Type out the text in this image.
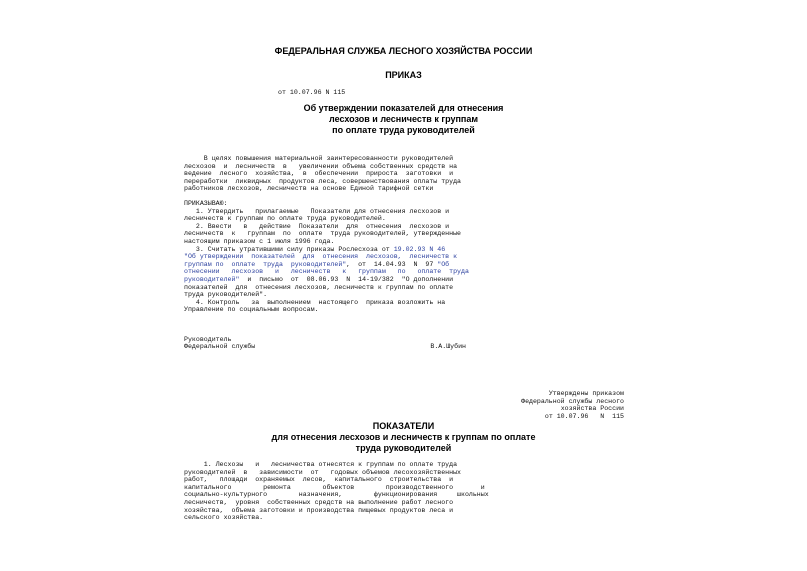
ФЕДЕРАЛЬНАЯ СЛУЖБА ЛЕСНОГО ХОЗЯЙСТВА РОССИИ
ПРИКАЗ
от 10.07.96 N 115
Об утверждении показателей для отнесения
лесхозов и лесничеств к группам
по оплате труда руководителей

В целях повышения материальной заинтересованности руководителей

лесхозов  и  лесничеств  в   увеличении объема собственных средств на

ведение  лесного  хозяйства,  в  обеспечении  прироста  заготовки  и

переработки  ликвидных  продуктов леса, совершенствования оплаты труда

работников лесхозов, лесничеств на основе Единой тарифной сетки

ПРИКАЗЫВАЮ:

1. Утвердить   прилагаемые   Показатели для отнесения лесхозов и

лесничеств к группам по оплате труда руководителей.

2. Ввести   в   действие  Показатели  для  отнесения  лесхозов и

лесничеств  к   группам  по  оплате  труда руководителей, утвержденные

настоящим приказом с 1 июля 1996 года.

3. Считать утратившими силу приказы Рослесхоза от 19.02.93 N 46

"Об утверждении  показателей  для  отнесения  лесхозов,  лесничеств к

группам по  оплате  труда  руководителей",  от  14.04.93  N  97 "Об

отнесении   лесхозов   и   лесничеств   к   группам   по   оплате  труда

руководителей"  и  письмо  от  08.06.93  N  14-19/382  "О дополнении

показателей  для  отнесения лесхозов, лесничеств к группам по оплате

труда руководителей".

4. Контроль   за  выполнением  настоящего  приказа возложить на

Управление по социальным вопросам.

Руководитель

Федеральной службы	В.А.Шубин

Утверждены приказом

Федеральной службы лесного

хозяйства России

от 10.07.96   N  115

ПОКАЗАТЕЛИ
для отнесения лесхозов и лесничеств к группам по оплате
труда руководителей

1. Лесхозы   и   лесничества отнесятся к группам по оплате труда

руководителей  в   зависимости  от   годовых объемов лесохозяйственных

работ,   площади  охраняемых  лесов,  капитального  строительства  и

капитального        ремонта        объектов        производственного       и

социально-культурного        назначения,        функционирования     школьных

лесничеств,  уровня  собственных средств на выполнение работ лесного

хозяйства,  объема заготовки и производства пищевых продуктов леса и

сельского хозяйства.
